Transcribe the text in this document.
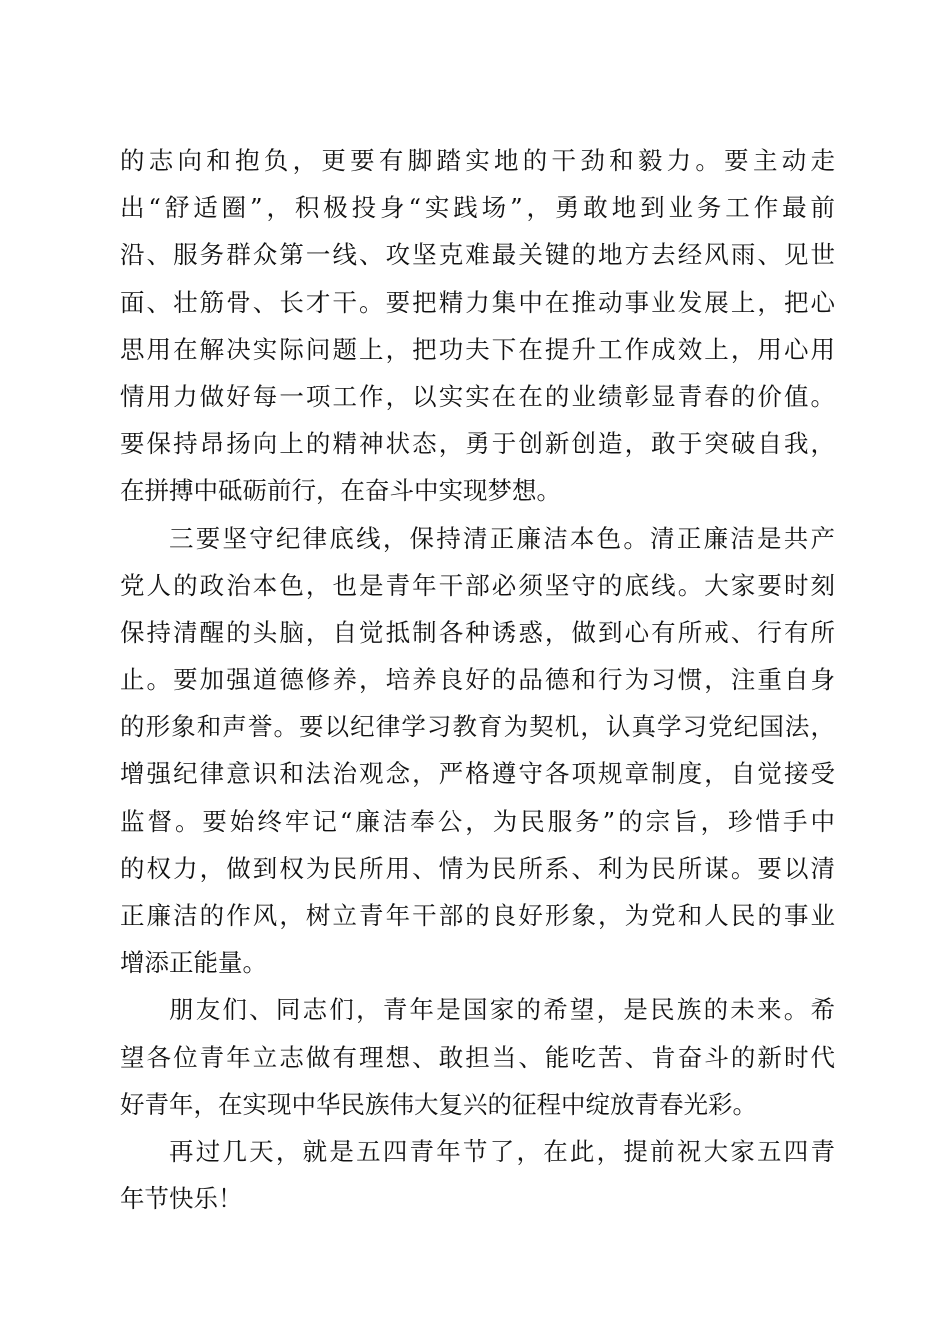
的志向和抱负，更要有脚踏实地的干劲和毅力。要主动走
出“舒适圈”，积极投身“实践场”，勇敢地到业务工作最前
沿、服务群众第一线、攻坚克难最关键的地方去经风雨、见世
面、壮筋骨、长才干。要把精力集中在推动事业发展上，把心
思用在解决实际问题上，把功夫下在提升工作成效上，用心用
情用力做好每一项工作，以实实在在的业绩彰显青春的价值。
要保持昂扬向上的精神状态，勇于创新创造，敢于突破自我，
在拼搏中砥砺前行，在奋斗中实现梦想。
三要坚守纪律底线，保持清正廉洁本色。清正廉洁是共产
党人的政治本色，也是青年干部必须坚守的底线。大家要时刻
保持清醒的头脑，自觉抵制各种诱惑，做到心有所戒、行有所
止。要加强道德修养，培养良好的品德和行为习惯，注重自身
的形象和声誉。要以纪律学习教育为契机，认真学习党纪国法，
增强纪律意识和法治观念，严格遵守各项规章制度，自觉接受
监督。要始终牢记“廉洁奉公，为民服务”的宗旨，珍惜手中
的权力，做到权为民所用、情为民所系、利为民所谋。要以清
正廉洁的作风，树立青年干部的良好形象，为党和人民的事业
增添正能量。
朋友们、同志们，青年是国家的希望，是民族的未来。希
望各位青年立志做有理想、敢担当、能吃苦、肯奋斗的新时代
好青年，在实现中华民族伟大复兴的征程中绽放青春光彩。
再过几天，就是五四青年节了，在此，提前祝大家五四青
年节快乐！
